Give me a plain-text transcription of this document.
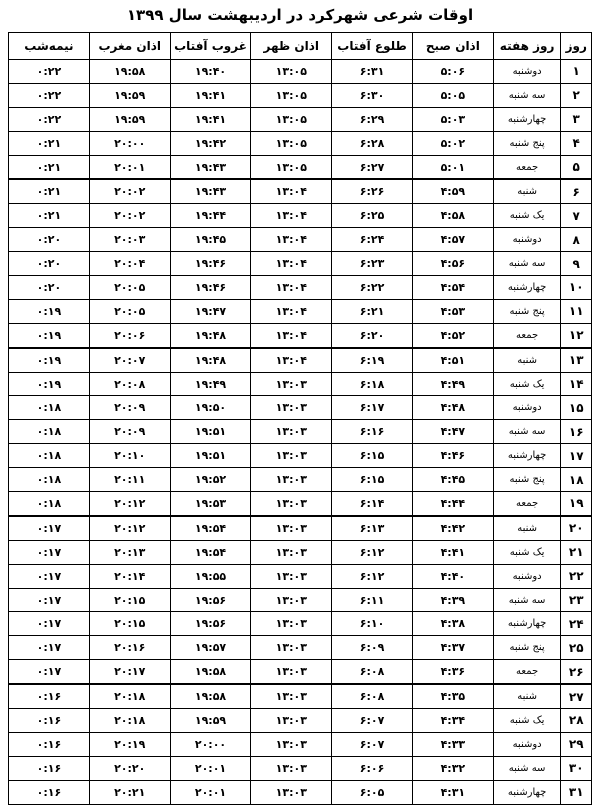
اوقات شرعی شهرکرد در اردیبهشت سال ۱۳۹۹
روز	روز هفته	اذان صبح	طلوع آفتاب	اذان ظهر	غروب آفتاب	اذان مغرب	نیمه‌شب
۱	دوشنبه	۵:۰۶	۶:۳۱	۱۳:۰۵	۱۹:۴۰	۱۹:۵۸	۰:۲۲
۲	سه شنبه	۵:۰۵	۶:۳۰	۱۳:۰۵	۱۹:۴۱	۱۹:۵۹	۰:۲۲
۳	چهارشنبه	۵:۰۳	۶:۲۹	۱۳:۰۵	۱۹:۴۱	۱۹:۵۹	۰:۲۲
۴	پنج شنبه	۵:۰۲	۶:۲۸	۱۳:۰۵	۱۹:۴۲	۲۰:۰۰	۰:۲۱
۵	جمعه	۵:۰۱	۶:۲۷	۱۳:۰۵	۱۹:۴۳	۲۰:۰۱	۰:۲۱
۶	شنبه	۴:۵۹	۶:۲۶	۱۳:۰۴	۱۹:۴۳	۲۰:۰۲	۰:۲۱
۷	یک شنبه	۴:۵۸	۶:۲۵	۱۳:۰۴	۱۹:۴۴	۲۰:۰۲	۰:۲۱
۸	دوشنبه	۴:۵۷	۶:۲۴	۱۳:۰۴	۱۹:۴۵	۲۰:۰۳	۰:۲۰
۹	سه شنبه	۴:۵۶	۶:۲۳	۱۳:۰۴	۱۹:۴۶	۲۰:۰۴	۰:۲۰
۱۰	چهارشنبه	۴:۵۴	۶:۲۲	۱۳:۰۴	۱۹:۴۶	۲۰:۰۵	۰:۲۰
۱۱	پنج شنبه	۴:۵۳	۶:۲۱	۱۳:۰۴	۱۹:۴۷	۲۰:۰۵	۰:۱۹
۱۲	جمعه	۴:۵۲	۶:۲۰	۱۳:۰۴	۱۹:۴۸	۲۰:۰۶	۰:۱۹
۱۳	شنبه	۴:۵۱	۶:۱۹	۱۳:۰۴	۱۹:۴۸	۲۰:۰۷	۰:۱۹
۱۴	یک شنبه	۴:۴۹	۶:۱۸	۱۳:۰۳	۱۹:۴۹	۲۰:۰۸	۰:۱۹
۱۵	دوشنبه	۴:۴۸	۶:۱۷	۱۳:۰۳	۱۹:۵۰	۲۰:۰۹	۰:۱۸
۱۶	سه شنبه	۴:۴۷	۶:۱۶	۱۳:۰۳	۱۹:۵۱	۲۰:۰۹	۰:۱۸
۱۷	چهارشنبه	۴:۴۶	۶:۱۵	۱۳:۰۳	۱۹:۵۱	۲۰:۱۰	۰:۱۸
۱۸	پنج شنبه	۴:۴۵	۶:۱۵	۱۳:۰۳	۱۹:۵۲	۲۰:۱۱	۰:۱۸
۱۹	جمعه	۴:۴۴	۶:۱۴	۱۳:۰۳	۱۹:۵۳	۲۰:۱۲	۰:۱۸
۲۰	شنبه	۴:۴۲	۶:۱۳	۱۳:۰۳	۱۹:۵۴	۲۰:۱۲	۰:۱۷
۲۱	یک شنبه	۴:۴۱	۶:۱۲	۱۳:۰۳	۱۹:۵۴	۲۰:۱۳	۰:۱۷
۲۲	دوشنبه	۴:۴۰	۶:۱۲	۱۳:۰۳	۱۹:۵۵	۲۰:۱۴	۰:۱۷
۲۳	سه شنبه	۴:۳۹	۶:۱۱	۱۳:۰۳	۱۹:۵۶	۲۰:۱۵	۰:۱۷
۲۴	چهارشنبه	۴:۳۸	۶:۱۰	۱۳:۰۳	۱۹:۵۶	۲۰:۱۵	۰:۱۷
۲۵	پنج شنبه	۴:۳۷	۶:۰۹	۱۳:۰۳	۱۹:۵۷	۲۰:۱۶	۰:۱۷
۲۶	جمعه	۴:۳۶	۶:۰۸	۱۳:۰۳	۱۹:۵۸	۲۰:۱۷	۰:۱۷
۲۷	شنبه	۴:۳۵	۶:۰۸	۱۳:۰۳	۱۹:۵۸	۲۰:۱۸	۰:۱۶
۲۸	یک شنبه	۴:۳۴	۶:۰۷	۱۳:۰۳	۱۹:۵۹	۲۰:۱۸	۰:۱۶
۲۹	دوشنبه	۴:۳۳	۶:۰۷	۱۳:۰۳	۲۰:۰۰	۲۰:۱۹	۰:۱۶
۳۰	سه شنبه	۴:۳۲	۶:۰۶	۱۳:۰۳	۲۰:۰۱	۲۰:۲۰	۰:۱۶
۳۱	چهارشنبه	۴:۳۱	۶:۰۵	۱۳:۰۳	۲۰:۰۱	۲۰:۲۱	۰:۱۶
